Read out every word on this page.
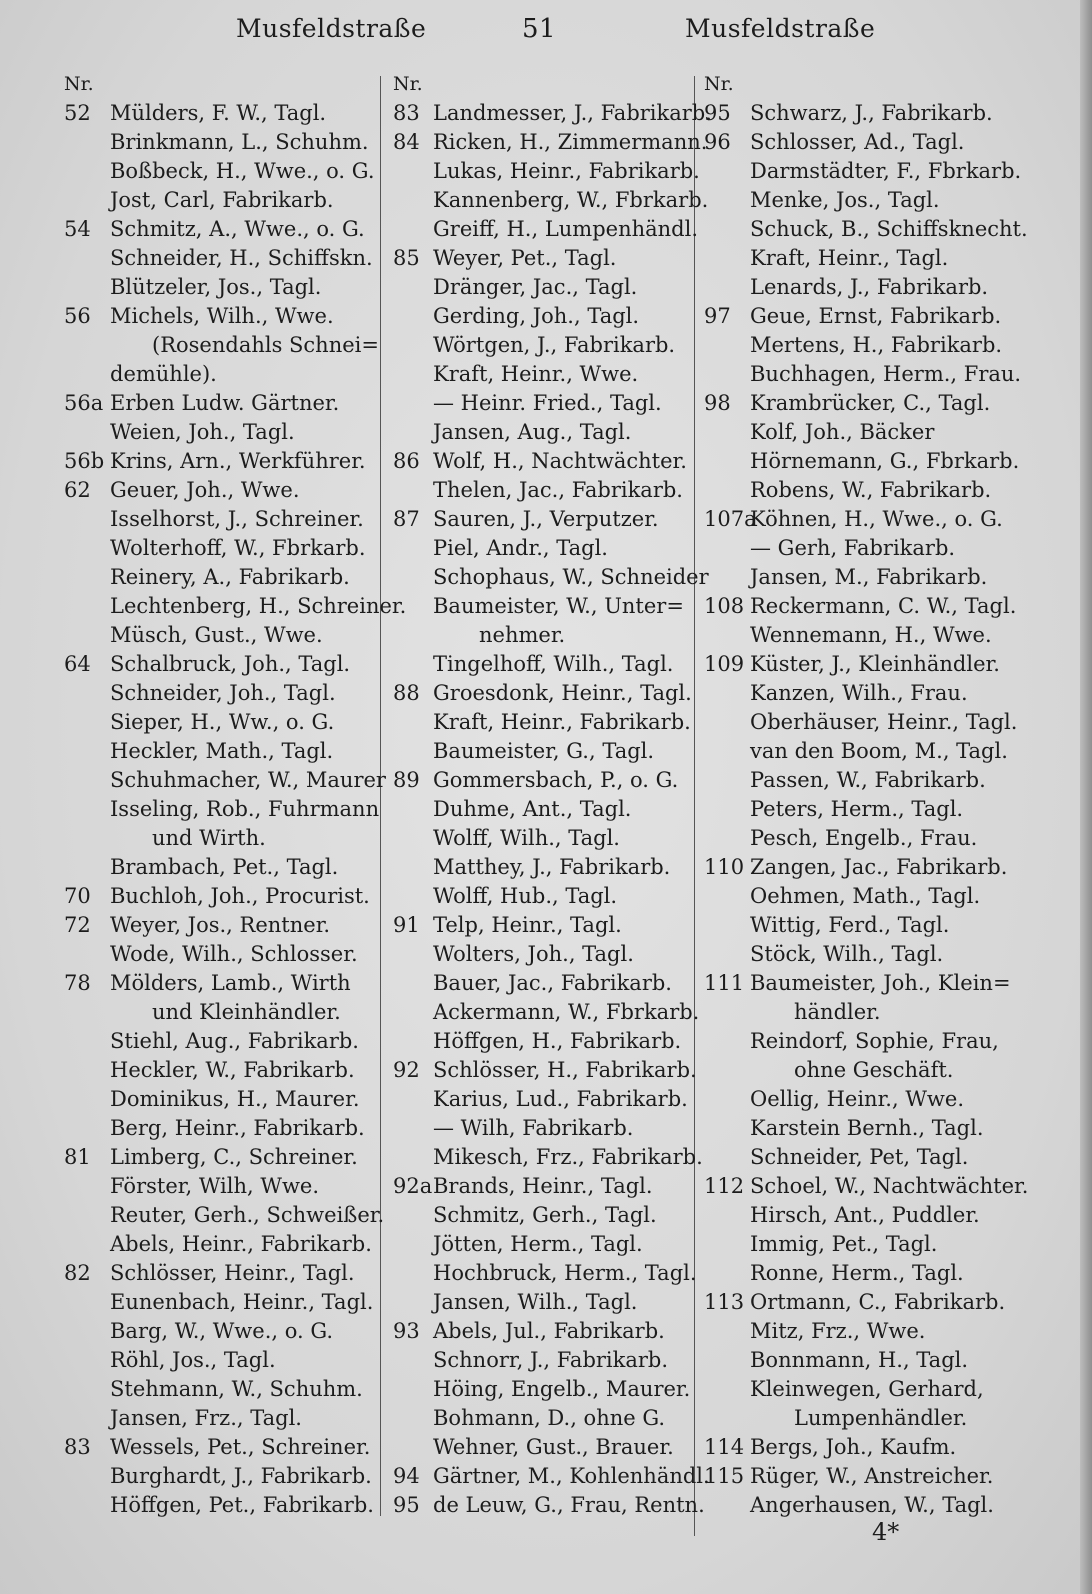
Musfeldstraße	51	Musfeldstraße
Nr.
52 Mülders, F. W., Tagl.
Brinkmann, L., Schuhm.
Boßbeck, H., Wwe., o. G.
Jost, Carl, Fabrikarb.
54 Schmitz, A., Wwe., o. G.
Schneider, H., Schiffskn.
Blützeler, Jos., Tagl.
56 Michels, Wilh., Wwe.
(Rosendahls Schnei=
demühle).
56a Erben Ludw. Gärtner.
Weien, Joh., Tagl.
56b Krins, Arn., Werkführer.
62 Geuer, Joh., Wwe.
Isselhorst, J., Schreiner.
Wolterhoff, W., Fbrkarb.
Reinery, A., Fabrikarb.
Lechtenberg, H., Schreiner.
Müsch, Gust., Wwe.
64 Schalbruck, Joh., Tagl.
Schneider, Joh., Tagl.
Sieper, H., Ww., o. G.
Heckler, Math., Tagl.
Schuhmacher, W., Maurer
Isseling, Rob., Fuhrmann
und Wirth.
Brambach, Pet., Tagl.
70 Buchloh, Joh., Procurist.
72 Weyer, Jos., Rentner.
Wode, Wilh., Schlosser.
78 Mölders, Lamb., Wirth
und Kleinhändler.
Stiehl, Aug., Fabrikarb.
Heckler, W., Fabrikarb.
Dominikus, H., Maurer.
Berg, Heinr., Fabrikarb.
81 Limberg, C., Schreiner.
Förster, Wilh, Wwe.
Reuter, Gerh., Schweißer.
Abels, Heinr., Fabrikarb.
82 Schlösser, Heinr., Tagl.
Eunenbach, Heinr., Tagl.
Barg, W., Wwe., o. G.
Röhl, Jos., Tagl.
Stehmann, W., Schuhm.
Jansen, Frz., Tagl.
83 Wessels, Pet., Schreiner.
Burghardt, J., Fabrikarb.
Höffgen, Pet., Fabrikarb.
Nr.
83 Landmesser, J., Fabrikarb.
84 Ricken, H., Zimmermann.
Lukas, Heinr., Fabrikarb.
Kannenberg, W., Fbrkarb.
Greiff, H., Lumpenhändl.
85 Weyer, Pet., Tagl.
Dränger, Jac., Tagl.
Gerding, Joh., Tagl.
Wörtgen, J., Fabrikarb.
Kraft, Heinr., Wwe.
— Heinr. Fried., Tagl.
Jansen, Aug., Tagl.
86 Wolf, H., Nachtwächter.
Thelen, Jac., Fabrikarb.
87 Sauren, J., Verputzer.
Piel, Andr., Tagl.
Schophaus, W., Schneider
Baumeister, W., Unter=
nehmer.
Tingelhoff, Wilh., Tagl.
88 Groesdonk, Heinr., Tagl.
Kraft, Heinr., Fabrikarb.
Baumeister, G., Tagl.
89 Gommersbach, P., o. G.
Duhme, Ant., Tagl.
Wolff, Wilh., Tagl.
Matthey, J., Fabrikarb.
Wolff, Hub., Tagl.
91 Telp, Heinr., Tagl.
Wolters, Joh., Tagl.
Bauer, Jac., Fabrikarb.
Ackermann, W., Fbrkarb.
Höffgen, H., Fabrikarb.
92 Schlösser, H., Fabrikarb.
Karius, Lud., Fabrikarb.
— Wilh, Fabrikarb.
Mikesch, Frz., Fabrikarb.
92a Brands, Heinr., Tagl.
Schmitz, Gerh., Tagl.
Jötten, Herm., Tagl.
Hochbruck, Herm., Tagl.
Jansen, Wilh., Tagl.
93 Abels, Jul., Fabrikarb.
Schnorr, J., Fabrikarb.
Höing, Engelb., Maurer.
Bohmann, D., ohne G.
Wehner, Gust., Brauer.
94 Gärtner, M., Kohlenhändl.
95 de Leuw, G., Frau, Rentn.
Nr.
95 Schwarz, J., Fabrikarb.
96 Schlosser, Ad., Tagl.
Darmstädter, F., Fbrkarb.
Menke, Jos., Tagl.
Schuck, B., Schiffsknecht.
Kraft, Heinr., Tagl.
Lenards, J., Fabrikarb.
97 Geue, Ernst, Fabrikarb.
Mertens, H., Fabrikarb.
Buchhagen, Herm., Frau.
98 Krambrücker, C., Tagl.
Kolf, Joh., Bäcker
Hörnemann, G., Fbrkarb.
Robens, W., Fabrikarb.
107a
Köhnen, H., Wwe., o. G.
— Gerh, Fabrikarb.
Jansen, M., Fabrikarb.
108 Reckermann, C. W., Tagl.
Wennemann, H., Wwe.
109 Küster, J., Kleinhändler.
Kanzen, Wilh., Frau.
Oberhäuser, Heinr., Tagl.
van den Boom, M., Tagl.
Passen, W., Fabrikarb.
Peters, Herm., Tagl.
Pesch, Engelb., Frau.
110 Zangen, Jac., Fabrikarb.
Oehmen, Math., Tagl.
Wittig, Ferd., Tagl.
Stöck, Wilh., Tagl.
111 Baumeister, Joh., Klein=
händler.
Reindorf, Sophie, Frau,
ohne Geschäft.
Oellig, Heinr., Wwe.
Karstein Bernh., Tagl.
Schneider, Pet, Tagl.
112 Schoel, W., Nachtwächter.
Hirsch, Ant., Puddler.
Immig, Pet., Tagl.
Ronne, Herm., Tagl.
113 Ortmann, C., Fabrikarb.
Mitz, Frz., Wwe.
Bonnmann, H., Tagl.
Kleinwegen, Gerhard,
Lumpenhändler.
114 Bergs, Joh., Kaufm.
115 Rüger, W., Anstreicher.
Angerhausen, W., Tagl.
4*
